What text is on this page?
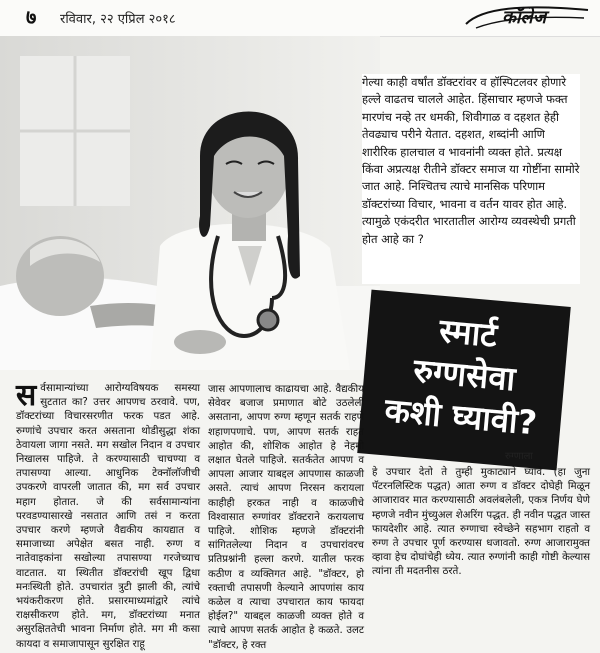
७ रविवार, २२ एप्रिल २०१८	कॉलेज

गेल्या काही वर्षांत डॉक्टरांवर व हॉस्पिटलवर होणारे हल्ले वाढतच चालले आहेत. हिंसाचार म्हणजे फक्त मारणंच नव्हे तर धमकी, शिवीगाळ व दहशत हेही तेवढ्याच परीने येतात. दहशत, शब्दांनी आणि शारीरिक हालचाल व भावनांनी व्यक्त होते. प्रत्यक्ष किंवा अप्रत्यक्ष रीतीने डॉक्टर समाज या गोष्टींना सामोरे जात आहे. निश्चितच त्याचे मानसिक परिणाम डॉक्टरांच्या विचार, भावना व वर्तन यावर होत आहे. त्यामुळे एकंदरीत भारतातील आरोग्य व्यवस्थेची प्रगती होत आहे का ?

स्मार्ट

रुग्णसेवा

कशी घ्यावी?

रुग्णाला

स र्वसामान्यांच्या आरोग्यविषयक समस्या सुटतात का? उत्तर आपणच ठरवावे. पण, डॉक्टरांच्या विचारसरणीत फरक पडत आहे. रुग्णांचे उपचार करत असताना थोडीसुद्धा शंका ठेवायला जागा नसते. मग सखोल निदान व उपचार निखालस पाहिजे. ते करण्यासाठी चाचण्या व तपासण्या आल्या. आधुनिक टेक्नॉलॉजीची उपकरणे वापरली जातात की, मग सर्व उपचार महाग होतात. जे की सर्वसामान्यांना परवडण्यासारखे नसतात आणि तसं न करता उपचार करणे म्हणजे वैद्यकीय कायद्यात व समाजाच्या अपेक्षेत बसत नाही. रुग्ण व नातेवाइकांना सखोल्या तपासण्या गरजेच्याच वाटतात. या स्थितीत डॉक्टरांची खूप द्विधा मनःस्थिती होते. उपचारांत त्रुटी झाली की, त्यांचे भयंकरीकरण होते. प्रसारमाध्यमांद्वारे त्यांचे राक्षसीकरण होते. मग, डॉक्टरांच्या मनात असुरक्षिततेची भावना निर्माण होते. मग मी कसा कायदा व समाजापासून सुरक्षित राहू

जास आपणालाच काढायचा आहे. वैद्यकीय सेवेवर बजाज प्रमाणात बोटे उठलेली असताना, आपण रुग्ण म्हणून सतर्क राहणे शहाणपणाचे. पण, आपण सतर्क राहत आहोत की, शोशिक आहोत हे नेहमी लक्षात घेतले पाहिजे. सतर्कतेत आपण व आपला आजार याबद्दल आपणास काळजी असते. त्याचं आपण निरसन करायला काहीही हरकत नाही व काळजीचे विश्वासात रुग्णांवर डॉक्टराने करायलाच पाहिजे. शोशिक म्हणजे डॉक्टरांनी सांगितलेल्या निदान व उपचारांवरच प्रतिप्रश्नांनी हल्ला करणे. यातील फरक कठीण व व्यक्तिगत आहे. "डॉक्टर, हो रक्ताची तपासणी केल्याने आपणांस काय कळेल व त्याचा उपचारात काय फायदा होईल?" याबद्दल काळजी व्यक्त होते व त्याचे आपण सतर्क आहोत हे कळते. उलट "डॉक्टर, हे रक्त

हे उपचार देतो ते तुम्ही मुकाट्याने घ्यावे. (हा जुना पॅटरनलिस्टिक पद्धत) आता रुग्ण व डॉक्टर दोघेही मिळून आजारावर मात करण्यासाठी अवलंबलेली, एकत्र निर्णय घेणे म्हणजे नवीन मुंच्युअल शेअरिंग पद्धत. ही नवीन पद्धत जास्त फायदेशीर आहे. त्यात रुग्णाचा स्वेच्छेने सहभाग राहतो व रुग्ण ते उपचार पूर्ण करण्यास धजावतो. रुग्ण आजारामुक्त व्हावा हेच दोघांचेही ध्येय. त्यात रुग्णांनी काही गोष्टी केल्यास त्यांना ती मदतनीस ठरते.
